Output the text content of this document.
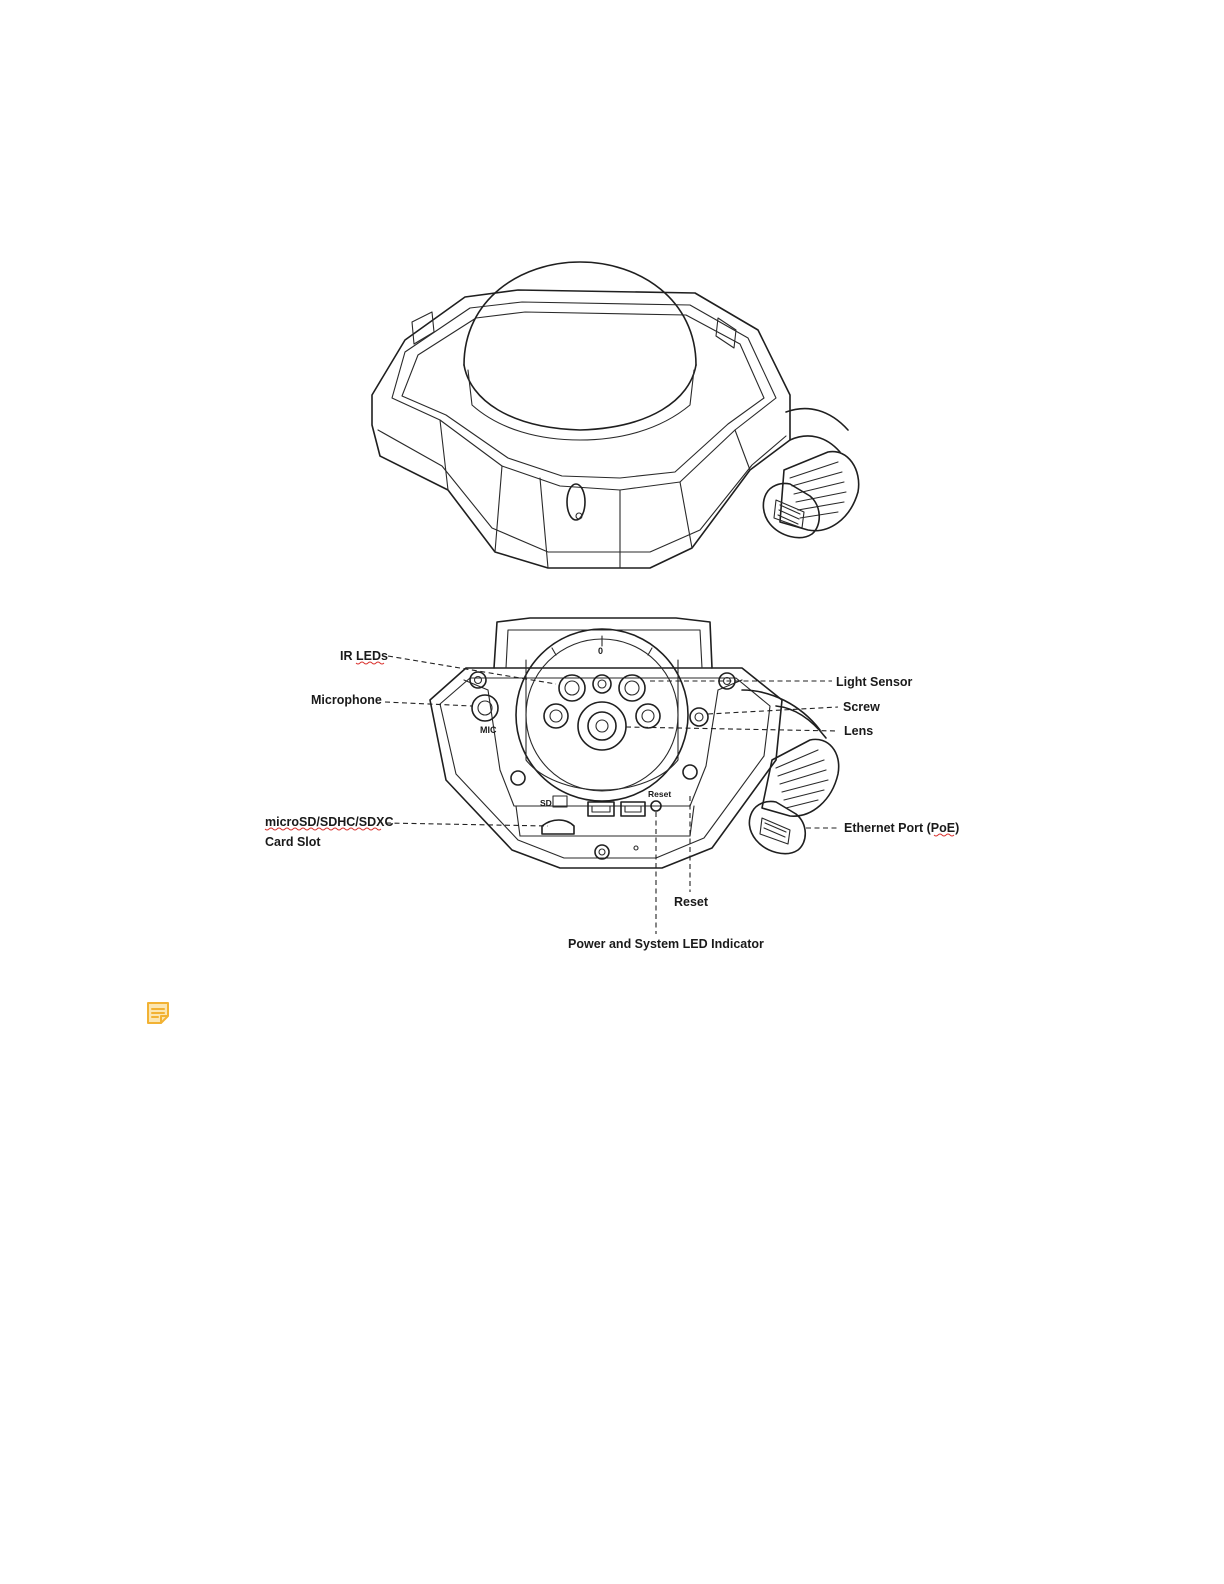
MIC
SD
Reset
0
IR LEDs
Microphone
microSD/SDHC/SDXC
Card Slot
Light Sensor
Screw
Lens
Ethernet Port (PoE)
Reset
Power and System LED Indicator
